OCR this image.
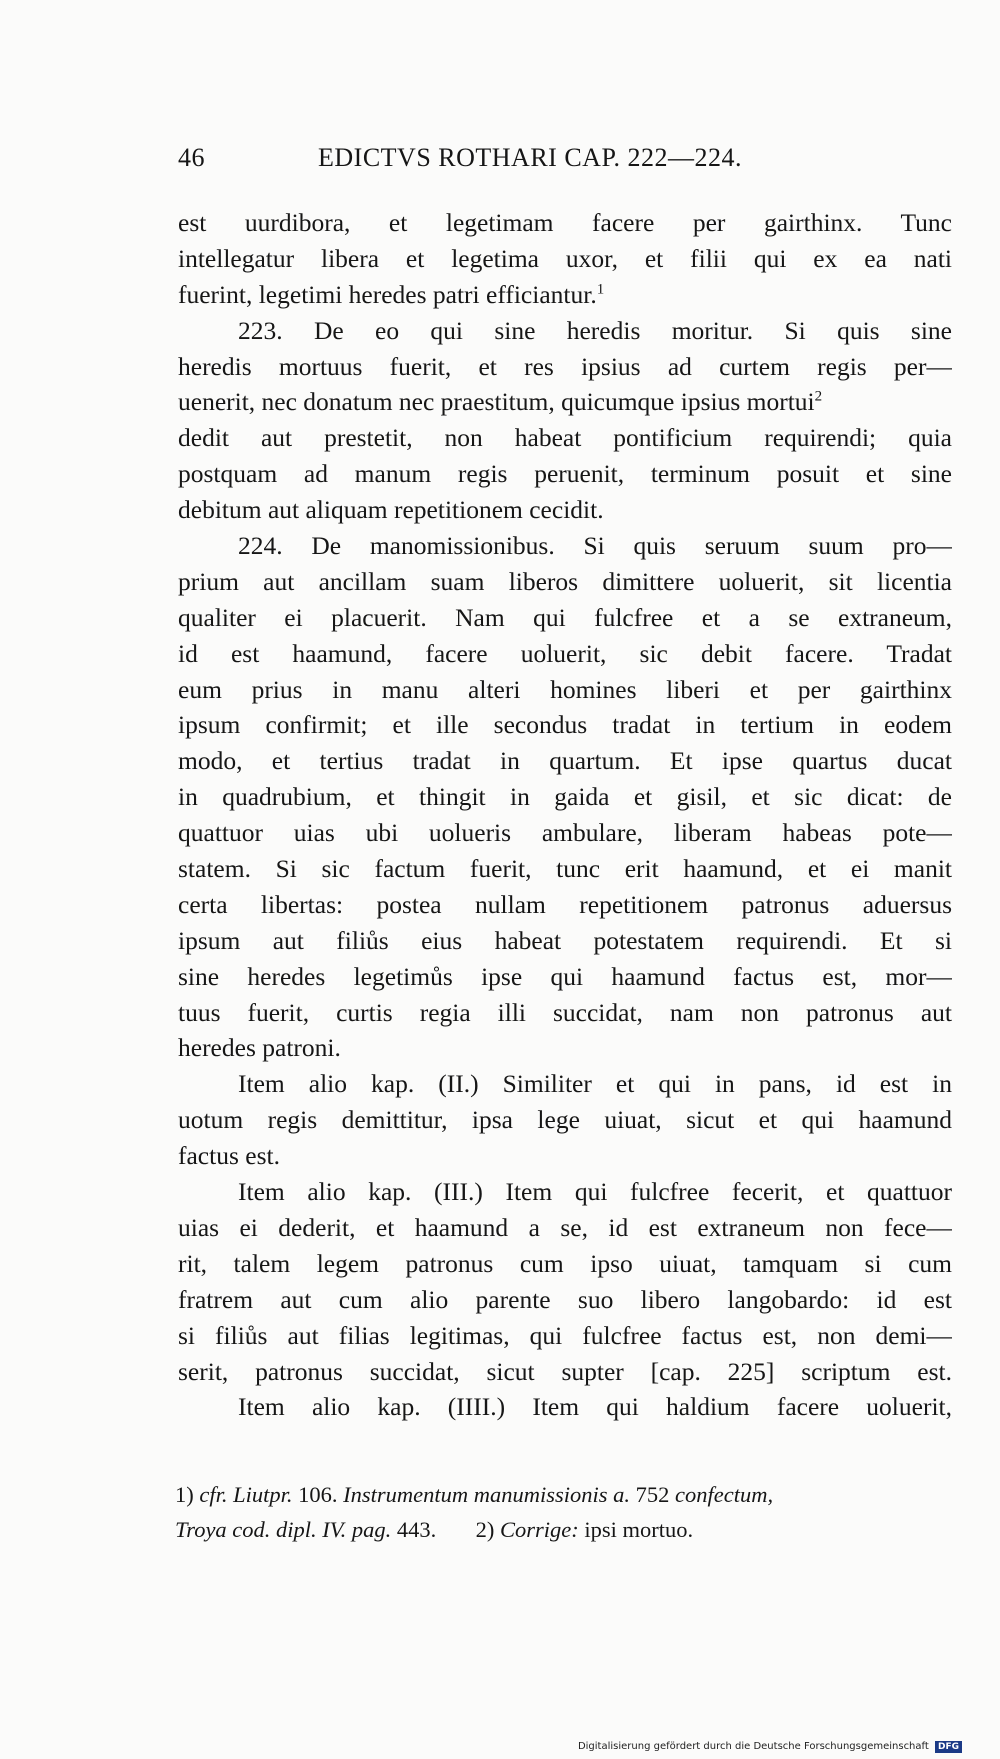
46	EDICTVS ROTHARI CAP. 222—224.
est uurdibora, et legetimam facere per gairthinx. Tunc
intellegatur libera et legetima uxor, et filii qui ex ea nati
fuerint, legetimi heredes patri efficiantur.$^1$
223. De eo qui sine heredis moritur. Si quis sine
heredis mortuus fuerit, et res ipsius ad curtem regis per—
uenerit, nec donatum nec praestitum, quicumque ipsius mortui$^2$
dedit aut prestetit, non habeat pontificium requirendi; quia
postquam ad manum regis peruenit, terminum posuit et sine
debitum aut aliquam repetitionem cecidit.
224. De manomissionibus. Si quis seruum suum pro—
prium aut ancillam suam liberos dimittere uoluerit, sit licentia
qualiter ei placuerit. Nam qui fulcfree et a se extraneum,
id est haamund, facere uoluerit, sic debit facere. Tradat
eum prius in manu alteri homines liberi et per gairthinx
ipsum confirmit; et ille secondus tradat in tertium in eodem
modo, et tertius tradat in quartum. Et ipse quartus ducat
in quadrubium, et thingit in gaida et gisil, et sic dicat: de
quattuor uias ubi uolueris ambulare, liberam habeas pote—
statem. Si sic factum fuerit, tunc erit haamund, et ei manit
certa libertas: postea nullam repetitionem patronus aduersus
ipsum aut filiůs eius habeat potestatem requirendi. Et si
sine heredes legetimůs ipse qui haamund factus est, mor—
tuus fuerit, curtis regia illi succidat, nam non patronus aut
heredes patroni.
Item alio kap. (II.) Similiter et qui in pans, id est in
uotum regis demittitur, ipsa lege uiuat, sicut et qui haamund
factus est.
Item alio kap. (III.) Item qui fulcfree fecerit, et quattuor
uias ei dederit, et haamund a se, id est extraneum non fece—
rit, talem legem patronus cum ipso uiuat, tamquam si cum
fratrem aut cum alio parente suo libero langobardo: id est
si filiůs aut filias legitimas, qui fulcfree factus est, non demi—
serit, patronus succidat, sicut supter [cap. 225] scriptum est.
Item alio kap. (IIII.) Item qui haldium facere uoluerit,
1) cfr. Liutpr. 106. Instrumentum manumissionis a. 752 confectum,
Troya cod. dipl. IV. pag. 443. 2) Corrige: ipsi mortuo.
Digitalisierung gefördert durch die Deutsche Forschungsgemeinschaft DFG
